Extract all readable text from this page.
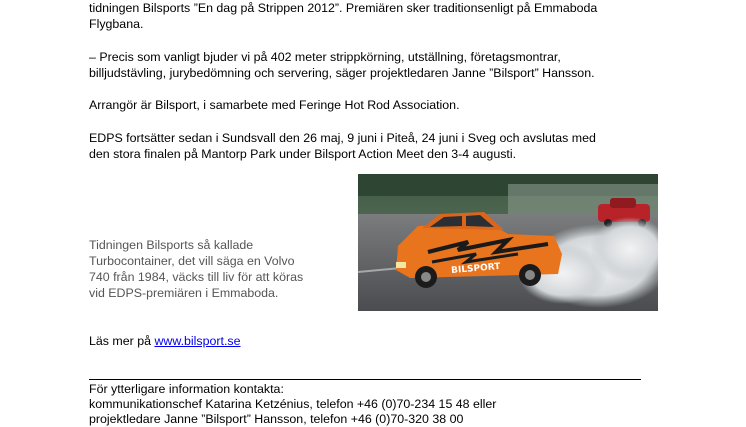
tidningen Bilsports ”En dag på Strippen 2012”. Premiären sker traditionsenligt på Emmaboda

Flygbana.

– Precis som vanligt bjuder vi på 402 meter strippkörning, utställning, företagsmontrar,

billjudstävling, jurybedömning och servering, säger projektledaren Janne ”Bilsport” Hansson.

Arrangör är Bilsport, i samarbete med Feringe Hot Rod Association.

EDPS fortsätter sedan i Sundsvall den 26 maj, 9 juni i Piteå, 24 juni i Sveg och avslutas med

den stora finalen på Mantorp Park under Bilsport Action Meet den 3-4 augusti.

Tidningen Bilsports så kallade
Turbocontainer, det vill säga en Volvo
740 från 1984, väcks till liv för att köras
vid EDPS-premiären i Emmaboda.
BILSPORT

Läs mer på www.bilsport.se

För ytterligare information kontakta:

kommunikationschef Katarina Ketzénius, telefon +46 (0)70-234 15 48 eller

projektledare Janne ”Bilsport” Hansson, telefon +46 (0)70-320 38 00
